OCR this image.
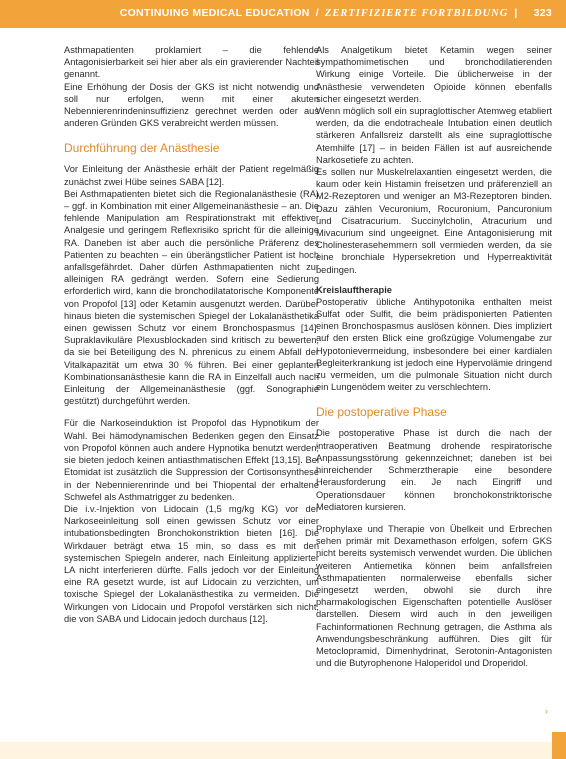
CONTINUING MEDICAL EDUCATION / ZERTIFIZIERTE FORTBILDUNG | 323

Asthmapatienten proklamiert – die fehlende Antagonisierbarkeit sei hier aber als ein gravierender Nachteil genannt.

Eine Erhöhung der Dosis der GKS ist nicht notwendig und soll nur erfolgen, wenn mit einer akuten Nebennierenrindeninsuffizienz gerechnet werden oder aus anderen Gründen GKS verabreicht werden müssen.

Durchführung der Anästhesie

Vor Einleitung der Anästhesie erhält der Patient regelmäßig zunächst zwei Hübe seines SABA [12].

Bei Asthmapatienten bietet sich die Regionalanästhesie (RA) – ggf. in Kombination mit einer Allgemeinanästhesie – an. Die fehlende Manipulation am Respirationstrakt mit effektiver Analgesie und geringem Reflexrisiko spricht für die alleinige RA. Daneben ist aber auch die persönliche Präferenz des Patienten zu beachten – ein überängstlicher Patient ist hoch anfallsgefährdet. Daher dürfen Asthmapatienten nicht zur alleinigen RA gedrängt werden. Sofern eine Sedierung erforderlich wird, kann die bronchodilatatorische Komponente von Propofol [13] oder Ketamin ausgenutzt werden. Darüber hinaus bieten die systemischen Spiegel der Lokalanästhetika einen gewissen Schutz vor einem Bronchospasmus [14]. Supraklavikuläre Plexusblockaden sind kritisch zu bewerten, da sie bei Beteiligung des N. phrenicus zu einem Abfall der Vitalkapazität um etwa 30 % führen. Bei einer geplanten Kombinationsanästhesie kann die RA in Einzelfall auch nach Einleitung der Allgemeinanästhesie (ggf. Sonographie gestützt) durchgeführt werden.

Für die Narkoseinduktion ist Propofol das Hypnotikum der Wahl. Bei hämodynamischen Bedenken gegen den Einsatz von Propofol können auch andere Hypnotika benutzt werden; sie bieten jedoch keinen antiasthmatischen Effekt [13,15]. Bei Etomidat ist zusätzlich die Suppression der Cortisonsynthese in der Nebennierenrinde und bei Thiopental der erhaltene Schwefel als Asthmatrigger zu bedenken.

Die i.v.-Injektion von Lidocain (1,5 mg/kg KG) vor der Narkoseeinleitung soll einen gewissen Schutz vor einer intubationsbedingten Bronchokonstriktion bieten [16]. Die Wirkdauer beträgt etwa 15 min, so dass es mit den systemischen Spiegeln anderer, nach Einleitung applizierter LA nicht interferieren dürfte. Falls jedoch vor der Einleitung eine RA gesetzt wurde, ist auf Lidocain zu verzichten, um toxische Spiegel der Lokalanästhestika zu vermeiden. Die Wirkungen von Lidocain und Propofol verstärken sich nicht, die von SABA und Lidocain jedoch durchaus [12].

Als Analgetikum bietet Ketamin wegen seiner sympathomimetischen und bronchodilatierenden Wirkung einige Vorteile. Die üblicherweise in der Anästhesie verwendeten Opioide können ebenfalls sicher eingesetzt werden.

Wenn möglich soll ein supraglottischer Atemweg etabliert werden, da die endotracheale Intubation einen deutlich stärkeren Anfallsreiz darstellt als eine supraglottische Atemhilfe [17] – in beiden Fällen ist auf ausreichende Narkosetiefe zu achten.

Es sollen nur Muskelrelaxantien eingesetzt werden, die kaum oder kein Histamin freisetzen und präferenziell an M2-Rezeptoren und weniger an M3-Rezeptoren binden. Dazu zählen Vecuronium, Rocuronium, Pancuronium und Cisatracurium. Succinylcholin, Atracurium und Mivacurium sind ungeeignet. Eine Antagonisierung mit Cholinesterasehemmern soll vermieden werden, da sie eine bronchiale Hypersekretion und Hyperreaktivität bedingen.

Kreislauftherapie

Postoperativ übliche Antihypotonika enthalten meist Sulfat oder Sulfit, die beim prädisponierten Patienten einen Bronchospasmus auslösen können. Dies impliziert auf den ersten Blick eine großzügige Volumengabe zur Hypotonievermeidung, insbesondere bei einer kardialen Begleiterkrankung ist jedoch eine Hypervolämie dringend zu vermeiden, um die pulmonale Situation nicht durch ein Lungenödem weiter zu verschlechtern.

Die postoperative Phase

Die postoperative Phase ist durch die nach der intraoperativen Beatmung drohende respiratorische Anpassungsstörung gekennzeichnet; daneben ist bei hinreichender Schmerztherapie eine besondere Herausforderung ein. Je nach Eingriff und Operationsdauer können bronchokonstriktorische Mediatoren kursieren.

Prophylaxe und Therapie von Übelkeit und Erbrechen sehen primär mit Dexamethason erfolgen, sofern GKS nicht bereits systemisch verwendet wurden. Die üblichen weiteren Antiemetika können beim anfallsfreien Asthmapatienten normalerweise ebenfalls sicher eingesetzt werden, obwohl sie durch ihre pharmakologischen Eigenschaften potentielle Auslöser darstellen. Diesem wird auch in den jeweiligen Fachinformationen Rechnung getragen, die Asthma als Anwendungsbeschränkung aufführen. Dies gilt für Metoclopramid, Dimenhydrinat, Serotonin-Antagonisten und die Butyrophenone Haloperidol und Droperidol.

›
